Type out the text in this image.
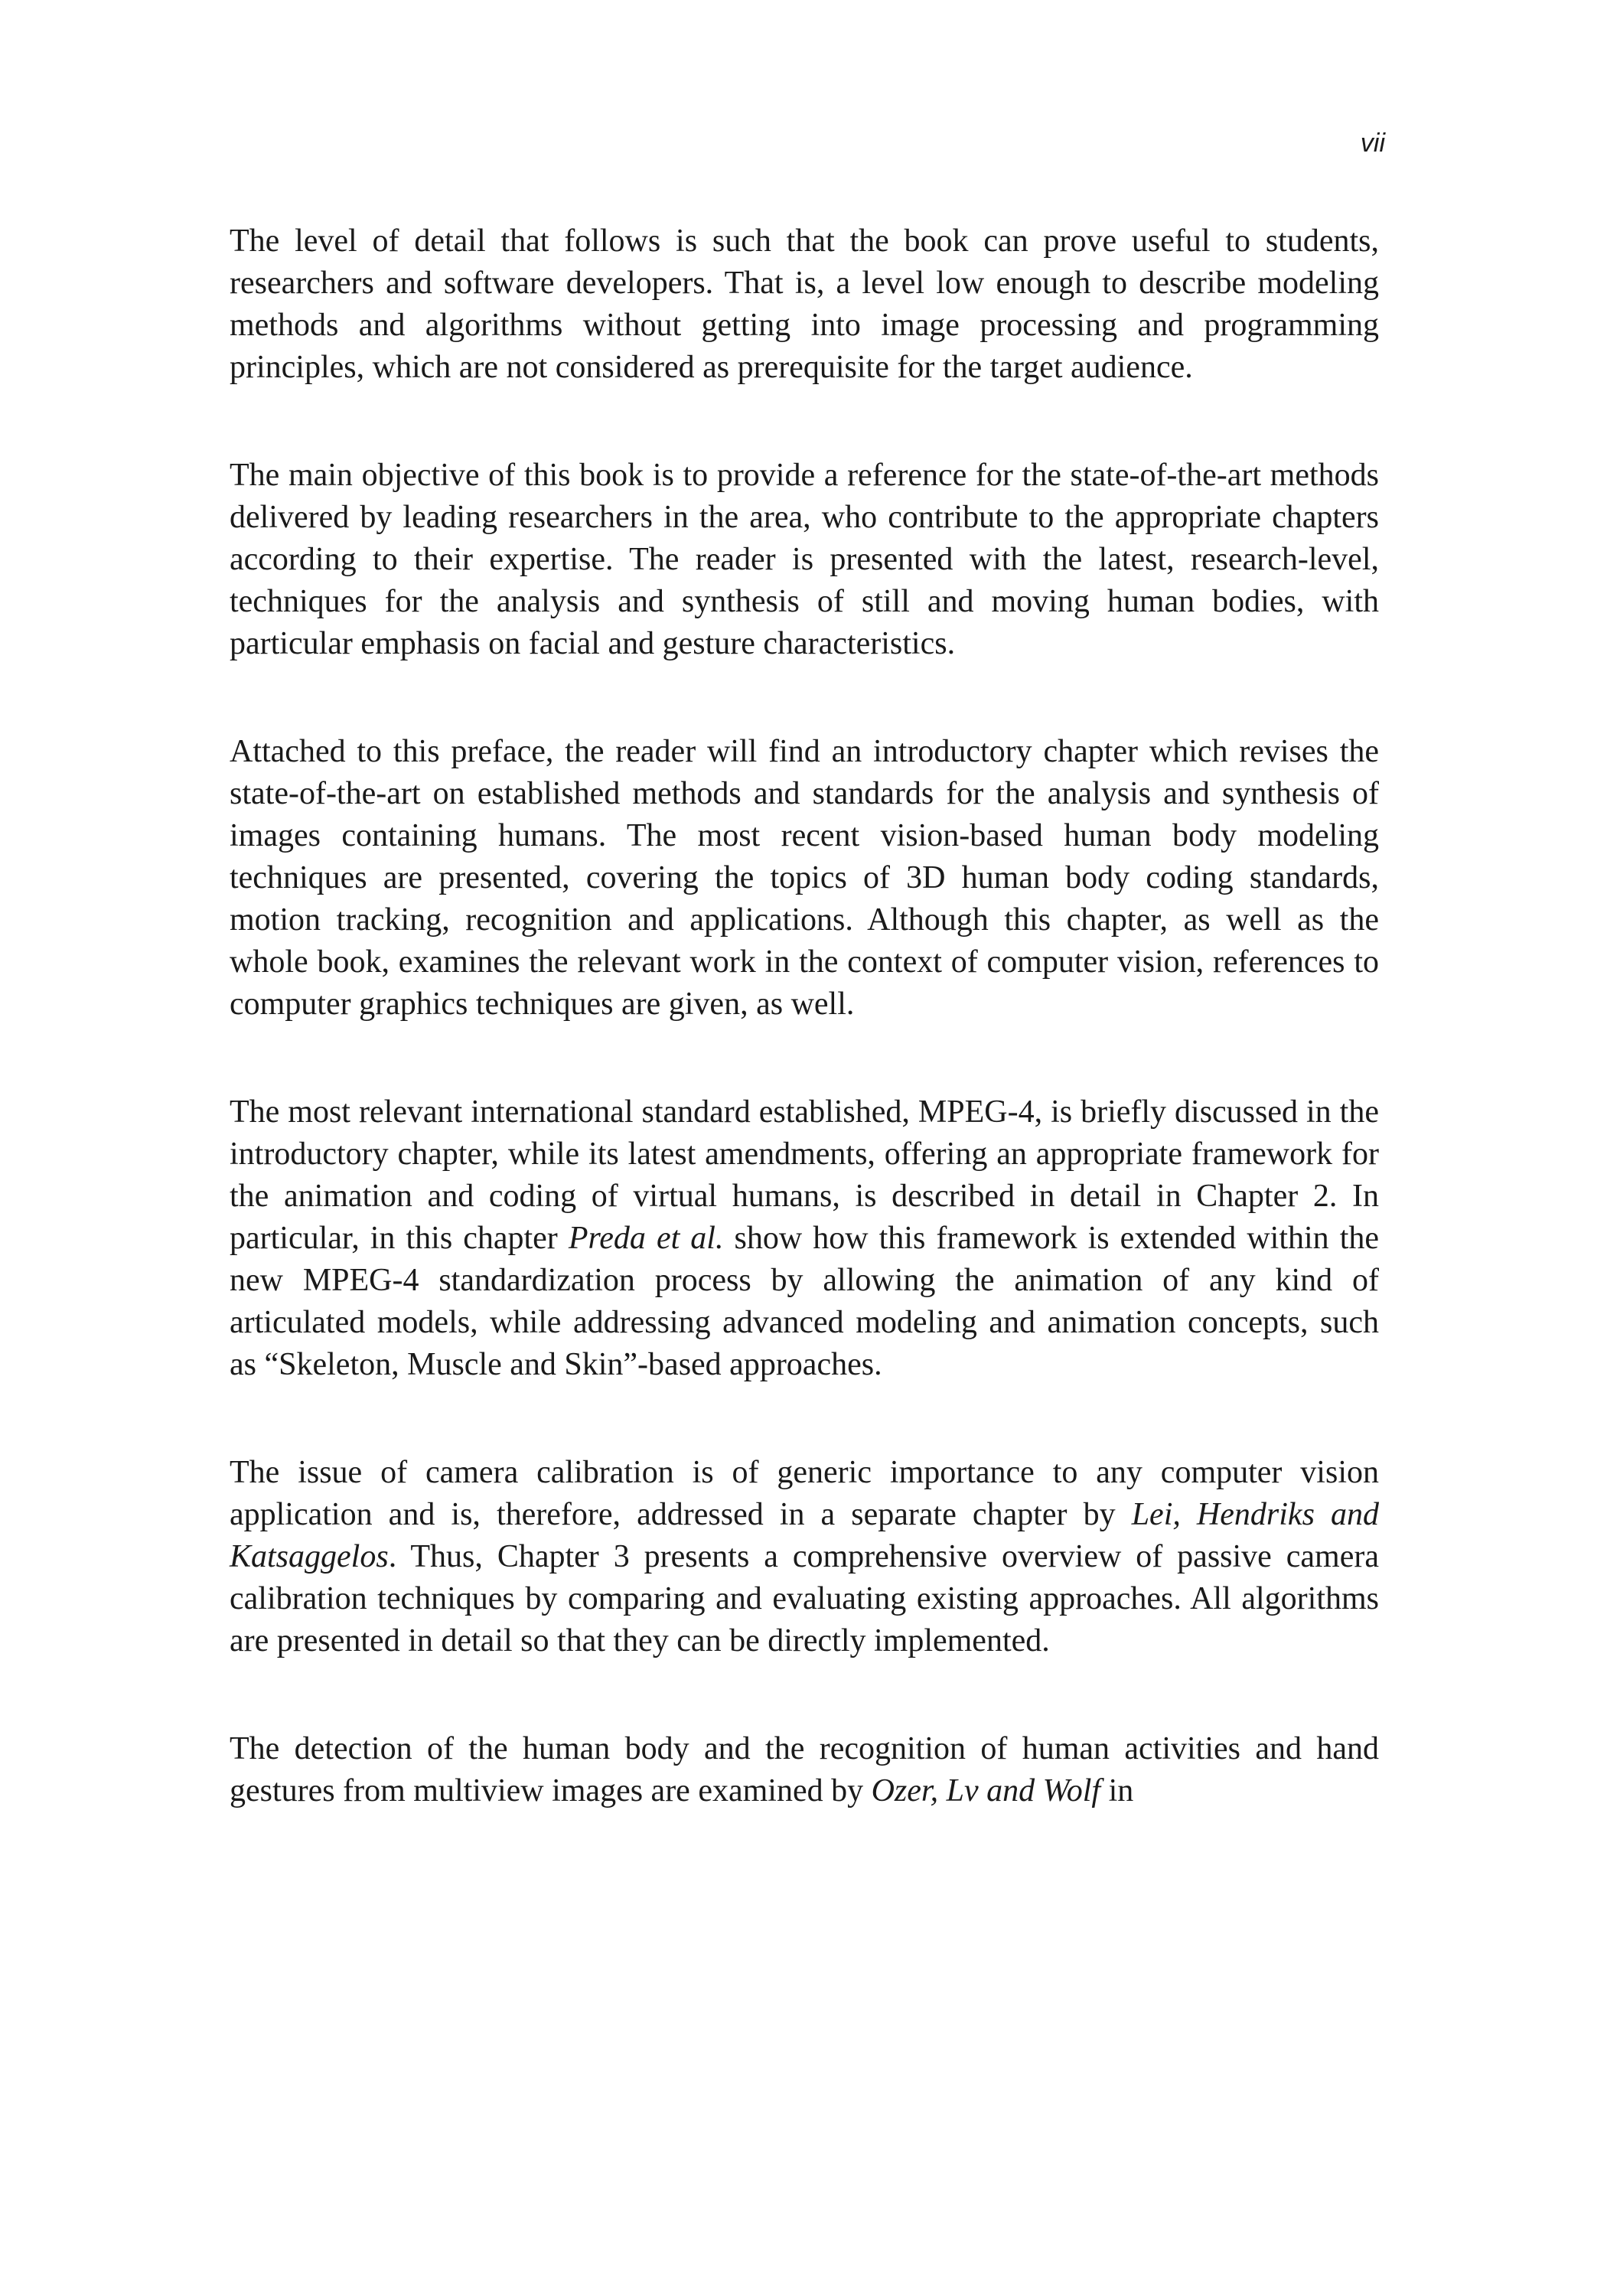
vii

The level of detail that follows is such that the book can prove useful to students, researchers and software developers. That is, a level low enough to describe modeling methods and algorithms without getting into image processing and programming principles, which are not considered as prerequisite for the target audience.

The main objective of this book is to provide a reference for the state-of-the-art methods delivered by leading researchers in the area, who contribute to the appropriate chapters according to their expertise. The reader is presented with the latest, research-level, techniques for the analysis and synthesis of still and moving human bodies, with particular emphasis on facial and gesture characteristics.

Attached to this preface, the reader will find an introductory chapter which revises the state-of-the-art on established methods and standards for the analysis and synthesis of images containing humans. The most recent vision-based human body modeling techniques are presented, covering the topics of 3D human body coding standards, motion tracking, recognition and applications. Although this chapter, as well as the whole book, examines the relevant work in the context of computer vision, references to computer graphics techniques are given, as well.

The most relevant international standard established, MPEG-4, is briefly discussed in the introductory chapter, while its latest amendments, offering an appropriate framework for the animation and coding of virtual humans, is described in detail in Chapter 2. In particular, in this chapter Preda et al. show how this framework is extended within the new MPEG-4 standardization process by allowing the animation of any kind of articulated models, while addressing advanced modeling and animation concepts, such as “Skeleton, Muscle and Skin”-based approaches.

The issue of camera calibration is of generic importance to any computer vision application and is, therefore, addressed in a separate chapter by Lei, Hendriks and Katsaggelos. Thus, Chapter 3 presents a comprehensive overview of passive camera calibration techniques by comparing and evaluating existing approaches. All algorithms are presented in detail so that they can be directly implemented.

The detection of the human body and the recognition of human activities and hand gestures from multiview images are examined by Ozer, Lv and Wolf in
